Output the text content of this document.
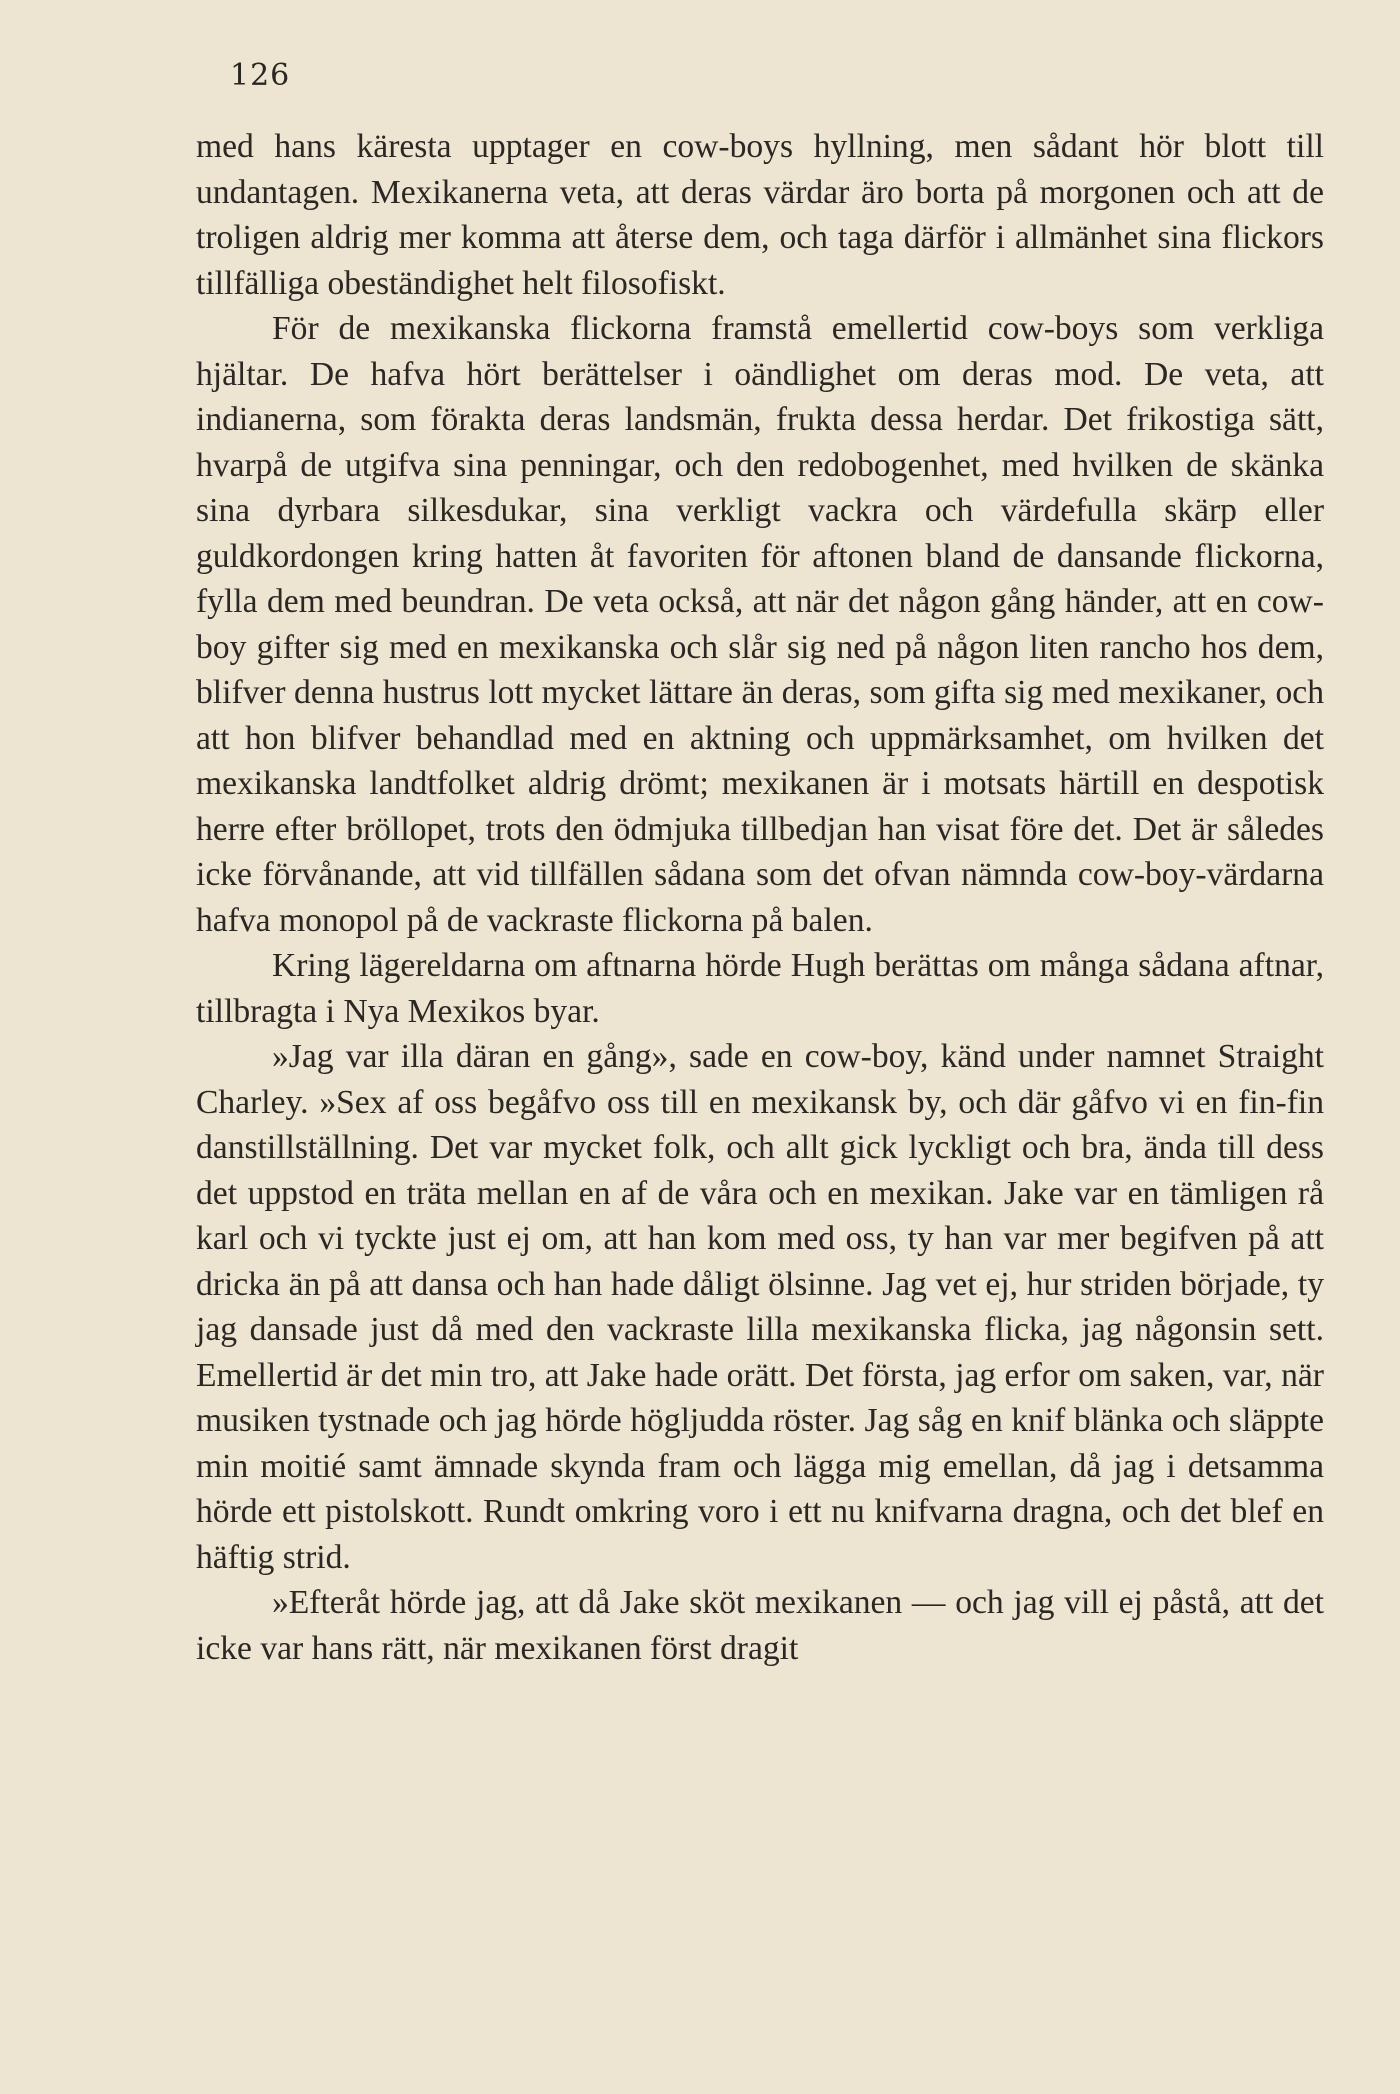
126

med hans käresta upptager en cow-boys hyllning, men sådant hör blott till undantagen. Mexikanerna veta, att deras värdar äro borta på morgonen och att de troligen aldrig mer komma att återse dem, och taga därför i allmänhet sina flickors tillfälliga obeständighet helt filosofiskt.

För de mexikanska flickorna framstå emellertid cow-boys som verkliga hjältar. De hafva hört berättelser i oändlighet om deras mod. De veta, att indianerna, som förakta deras landsmän, frukta dessa herdar. Det frikostiga sätt, hvarpå de utgifva sina penningar, och den redobogenhet, med hvilken de skänka sina dyrbara silkesdukar, sina verkligt vackra och värdefulla skärp eller guldkordongen kring hatten åt favoriten för aftonen bland de dansande flickorna, fylla dem med beundran. De veta också, att när det någon gång händer, att en cow-boy gifter sig med en mexikanska och slår sig ned på någon liten rancho hos dem, blifver denna hustrus lott mycket lättare än deras, som gifta sig med mexikaner, och att hon blifver behandlad med en aktning och uppmärksamhet, om hvilken det mexikanska landtfolket aldrig drömt; mexikanen är i motsats härtill en despotisk herre efter bröllopet, trots den ödmjuka tillbedjan han visat före det. Det är således icke förvånande, att vid tillfällen sådana som det ofvan nämnda cow-boy-värdarna hafva monopol på de vackraste flickorna på balen.

Kring lägereldarna om aftnarna hörde Hugh berättas om många sådana aftnar, tillbragta i Nya Mexikos byar.

»Jag var illa däran en gång», sade en cow-boy, känd under namnet Straight Charley. »Sex af oss begåfvo oss till en mexikansk by, och där gåfvo vi en fin-fin danstillställning. Det var mycket folk, och allt gick lyckligt och bra, ända till dess det uppstod en träta mellan en af de våra och en mexikan. Jake var en tämligen rå karl och vi tyckte just ej om, att han kom med oss, ty han var mer begifven på att dricka än på att dansa och han hade dåligt ölsinne. Jag vet ej, hur striden började, ty jag dansade just då med den vackraste lilla mexikanska flicka, jag någonsin sett. Emellertid är det min tro, att Jake hade orätt. Det första, jag erfor om saken, var, när musiken tystnade och jag hörde högljudda röster. Jag såg en knif blänka och släppte min moitié samt ämnade skynda fram och lägga mig emellan, då jag i detsamma hörde ett pistolskott. Rundt omkring voro i ett nu knifvarna dragna, och det blef en häftig strid.

»Efteråt hörde jag, att då Jake sköt mexikanen — och jag vill ej påstå, att det icke var hans rätt, när mexikanen först dragit
